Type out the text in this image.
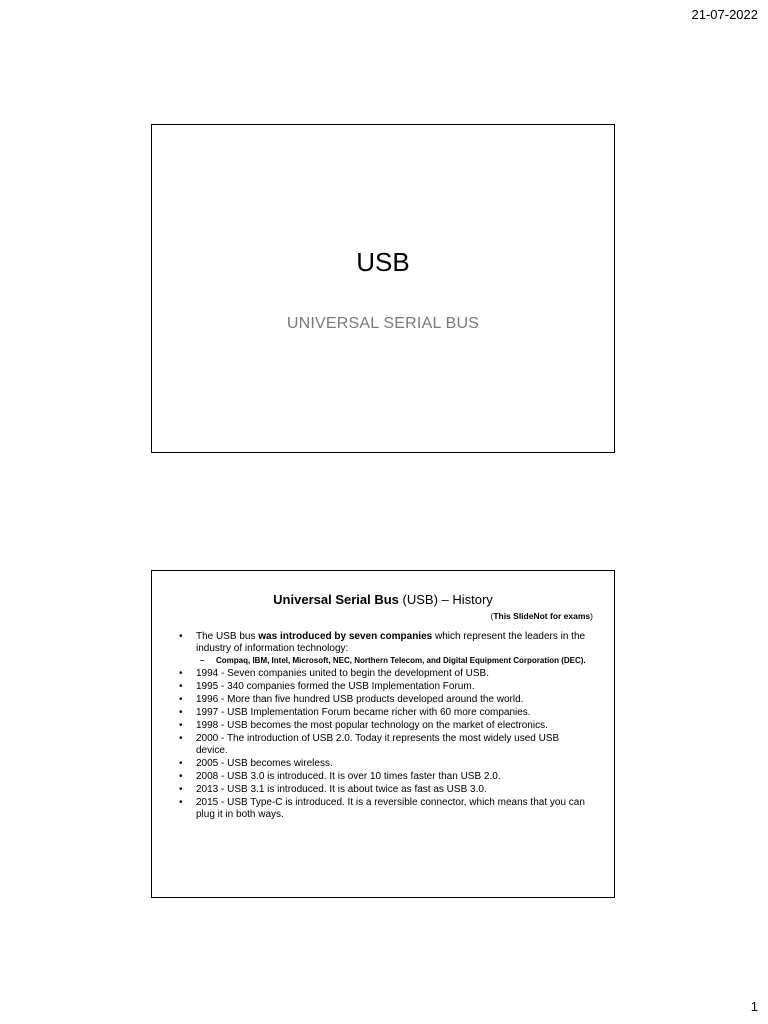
21-07-2022
USB
UNIVERSAL SERIAL BUS
Universal Serial Bus (USB) – History
(This SlideNot for exams)
• The USB bus was introduced by seven companies which represent the leaders in the industry of information technology:
– Compaq, IBM, Intel, Microsoft, NEC, Northern Telecom, and Digital Equipment Corporation (DEC).
• 1994 - Seven companies united to begin the development of USB.
• 1995 - 340 companies formed the USB Implementation Forum.
• 1996 - More than five hundred USB products developed around the world.
• 1997 - USB Implementation Forum became richer with 60 more companies.
• 1998 - USB becomes the most popular technology on the market of electronics.
• 2000 - The introduction of USB 2.0. Today it represents the most widely used USB device.
• 2005 - USB becomes wireless.
• 2008 - USB 3.0 is introduced. It is over 10 times faster than USB 2.0.
• 2013 - USB 3.1 is introduced. It is about twice as fast as USB 3.0.
• 2015 - USB Type-C is introduced. It is a reversible connector, which means that you can plug it in both ways.
1
